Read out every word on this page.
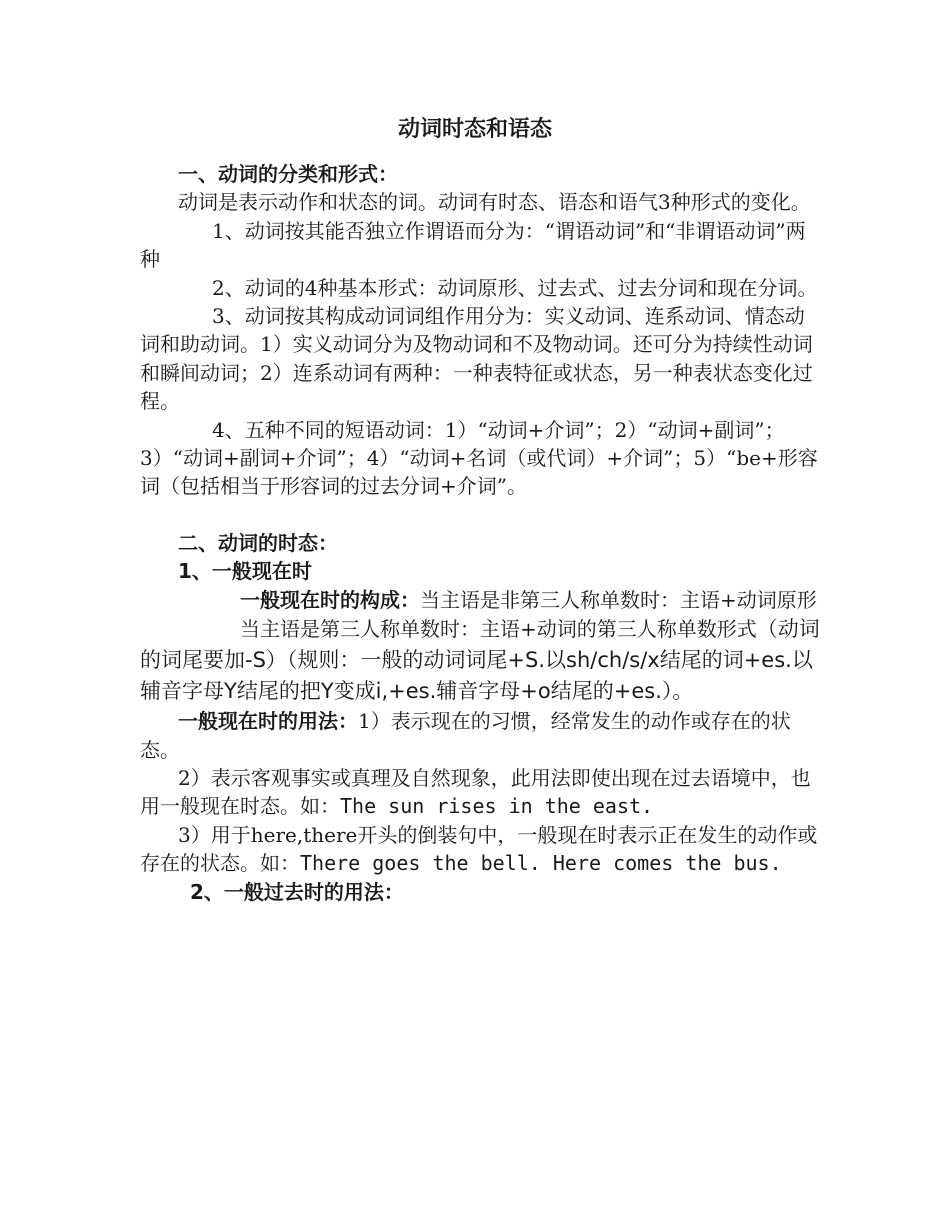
动词时态和语态

一、动词的分类和形式：

动词是表示动作和状态的词。动词有时态、语态和语气3种形式的变化。

1、动词按其能否独立作谓语而分为：“谓语动词”和“非谓语动词”两种

2、动词的4种基本形式：动词原形、过去式、过去分词和现在分词。

3、动词按其构成动词词组作用分为：实义动词、连系动词、情态动词和助动词。1）实义动词分为及物动词和不及物动词。还可分为持续性动词和瞬间动词；2）连系动词有两种：一种表特征或状态，另一种表状态变化过程。

4、五种不同的短语动词：1）“动词+介词”；2）“动词+副词”；3）“动词+副词+介词”；4）“动词+名词（或代词）+介词”；5）“be+形容词（包括相当于形容词的过去分词+介词”。

二、动词的时态：

1、一般现在时

一般现在时的构成：当主语是非第三人称单数时：主语+动词原形

当主语是第三人称单数时：主语+动词的第三人称单数形式（动词的词尾要加-S）（规则：一般的动词词尾+S.以sh/ch/s/x结尾的词+es.以辅音字母Y结尾的把Y变成i,+es.辅音字母+o结尾的+es.）。

一般现在时的用法：1）表示现在的习惯，经常发生的动作或存在的状态。

2）表示客观事实或真理及自然现象，此用法即使出现在过去语境中，也用一般现在时态。如：The sun rises in the east.

3）用于here,there开头的倒装句中，一般现在时表示正在发生的动作或存在的状态。如：There goes the bell. Here comes the bus.

2、一般过去时的用法：
